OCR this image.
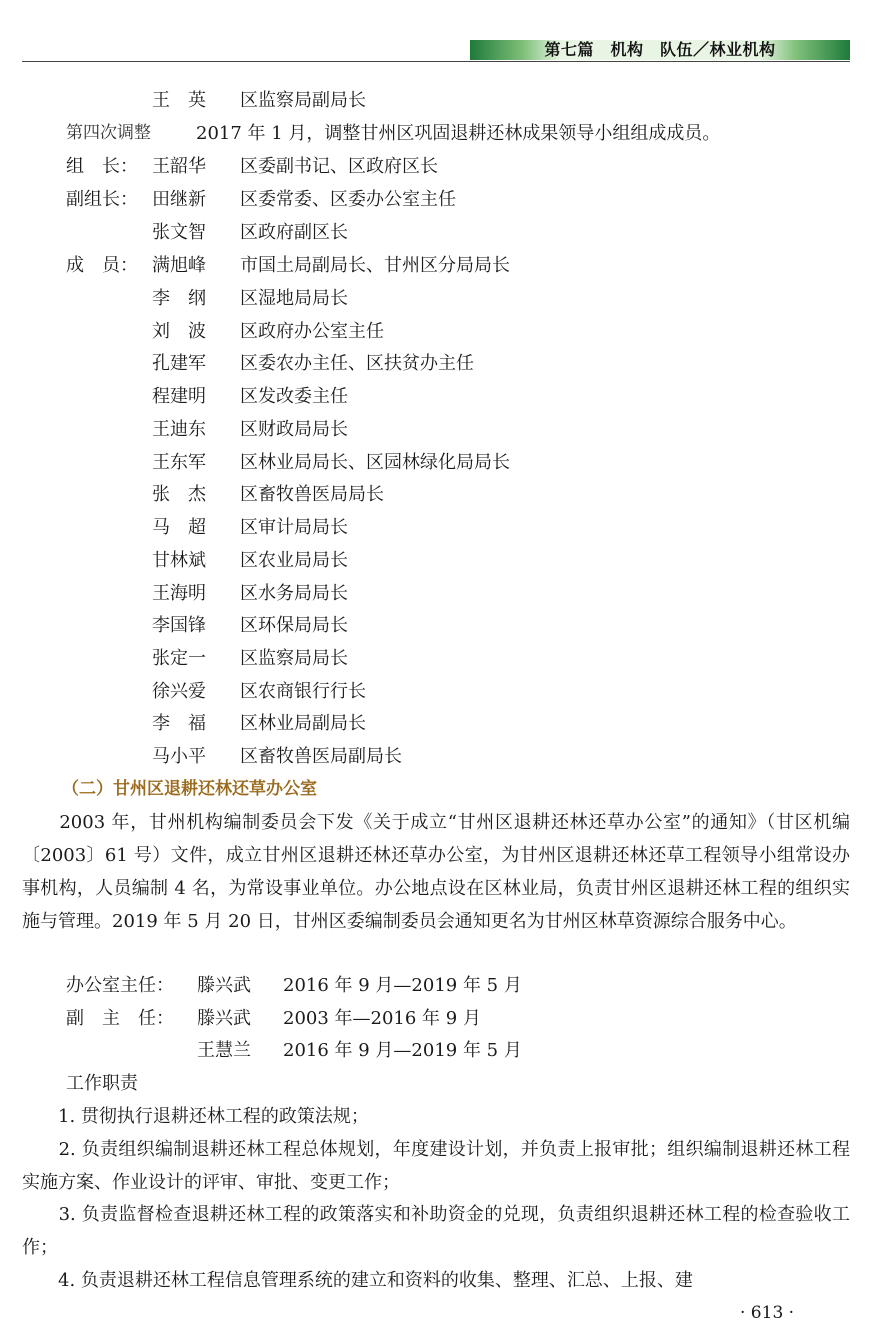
第七篇　机构　队伍／林业机构
王　英	区监察局副局长
第四次调整	2017 年 1 月，调整甘州区巩固退耕还林成果领导小组组成成员。
组　长： 王韶华	区委副书记、区政府区长
副组长： 田继新	区委常委、区委办公室主任
张文智	区政府副区长
成　员： 满旭峰	市国土局副局长、甘州区分局局长
李　纲	区湿地局局长
刘　波	区政府办公室主任
孔建军	区委农办主任、区扶贫办主任
程建明	区发改委主任
王迪东	区财政局局长
王东军	区林业局局长、区园林绿化局局长
张　杰	区畜牧兽医局局长
马　超	区审计局局长
甘林斌	区农业局局长
王海明	区水务局局长
李国锋	区环保局局长
张定一	区监察局局长
徐兴爱	区农商银行行长
李　福	区林业局副局长
马小平	区畜牧兽医局副局长
（二）甘州区退耕还林还草办公室
　　2003 年，甘州机构编制委员会下发《关于成立“甘州区退耕还林还草办公室”的通知》（甘区机编〔2003〕61 号）文件，成立甘州区退耕还林还草办公室，为甘州区退耕还林还草工程领导小组常设办事机构，人员编制 4 名，为常设事业单位。办公地点设在区林业局，负责甘州区退耕还林工程的组织实施与管理。2019 年 5 月 20 日，甘州区委编制委员会通知更名为甘州区林草资源综合服务中心。
办公室主任： 滕兴武 2016 年 9 月—2019 年 5 月
副　主　任： 滕兴武 2003 年—2016 年 9 月
王慧兰 2016 年 9 月—2019 年 5 月
工作职责
　　1. 贯彻执行退耕还林工程的政策法规；
　　2. 负责组织编制退耕还林工程总体规划，年度建设计划，并负责上报审批；组织编制退耕还林工程实施方案、作业设计的评审、审批、变更工作；
　　3. 负责监督检查退耕还林工程的政策落实和补助资金的兑现，负责组织退耕还林工程的检查验收工作；
　　4. 负责退耕还林工程信息管理系统的建立和资料的收集、整理、汇总、上报、建
· 613 ·
